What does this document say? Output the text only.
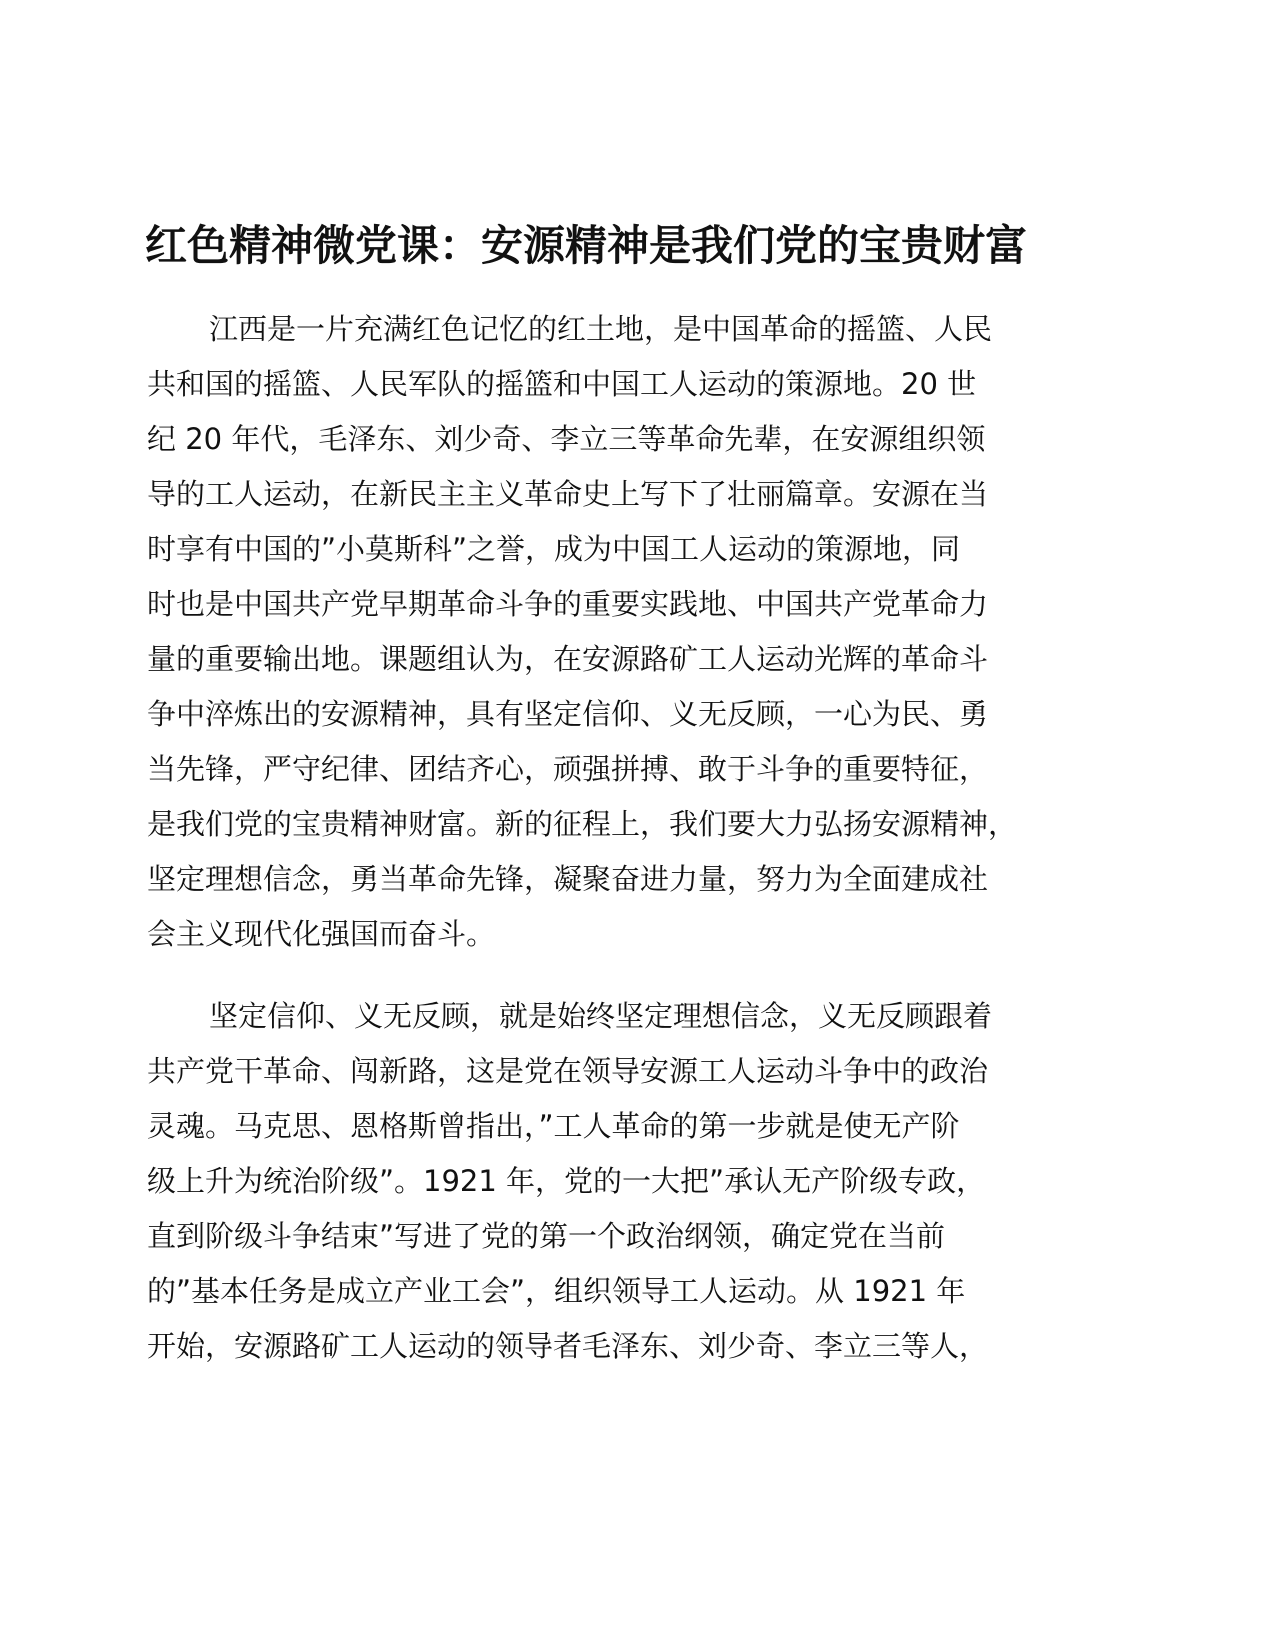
红色精神微党课：安源精神是我们党的宝贵财富
江西是一片充满红色记忆的红土地，是中国革命的摇篮、人民
共和国的摇篮、人民军队的摇篮和中国工人运动的策源地。20 世
纪 20 年代，毛泽东、刘少奇、李立三等革命先辈，在安源组织领
导的工人运动，在新民主主义革命史上写下了壮丽篇章。安源在当
时享有中国的”小莫斯科”之誉，成为中国工人运动的策源地，同
时也是中国共产党早期革命斗争的重要实践地、中国共产党革命力
量的重要输出地。课题组认为，在安源路矿工人运动光辉的革命斗
争中淬炼出的安源精神，具有坚定信仰、义无反顾，一心为民、勇
当先锋，严守纪律、团结齐心，顽强拼搏、敢于斗争的重要特征，
是我们党的宝贵精神财富。新的征程上，我们要大力弘扬安源精神，
坚定理想信念，勇当革命先锋，凝聚奋进力量，努力为全面建成社
会主义现代化强国而奋斗。
坚定信仰、义无反顾，就是始终坚定理想信念，义无反顾跟着
共产党干革命、闯新路，这是党在领导安源工人运动斗争中的政治
灵魂。马克思、恩格斯曾指出，”工人革命的第一步就是使无产阶
级上升为统治阶级”。1921 年，党的一大把”承认无产阶级专政，
直到阶级斗争结束”写进了党的第一个政治纲领，确定党在当前
的”基本任务是成立产业工会”，组织领导工人运动。从 1921 年
开始，安源路矿工人运动的领导者毛泽东、刘少奇、李立三等人，
